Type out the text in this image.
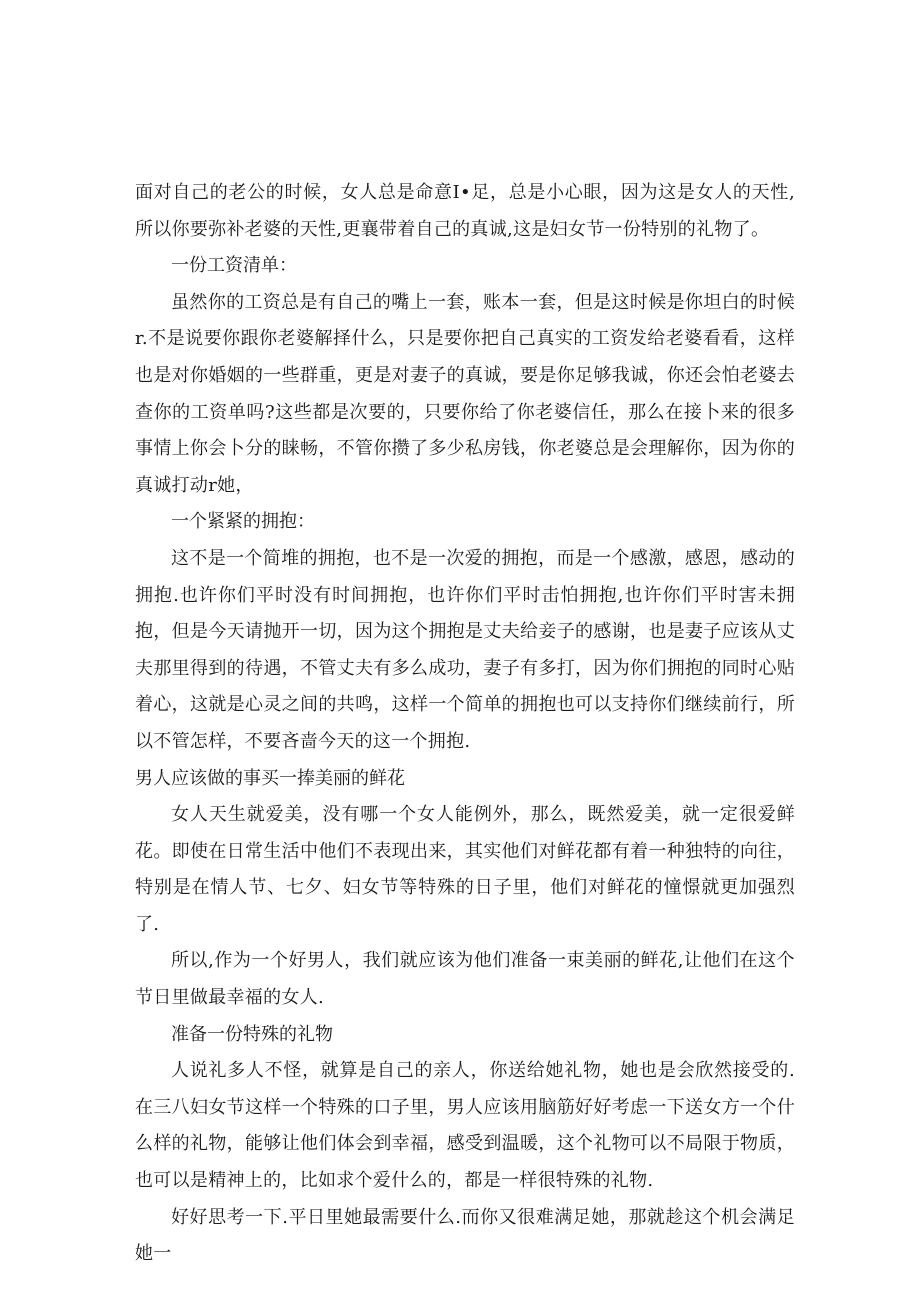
面对自己的老公的时候，女人总是命意I•足，总是小心眼，因为这是女人的天性,所以你要弥补老婆的天性,更襄带着自己的真诚,这是妇女节一份特别的礼物了。

一份工资清单：

虽然你的工资总是有自己的嘴上一套，账本一套，但是这时候是你坦白的时候r.不是说要你跟你老婆解择什么，只是要你把自己真实的工资发给老婆看看，这样也是对你婚姻的一些群重，更是对妻子的真诚，要是你足够我诚，你还会怕老婆去查你的工资单吗?这些都是次要的，只要你给了你老婆信任，那么在接卜来的很多事情上你会卜分的睐畅，不管你攒了多少私房钱，你老婆总是会理解你，因为你的真诚打动r她，

一个紧紧的拥抱：

这不是一个简堆的拥抱，也不是一次爱的拥抱，而是一个感激，感恩，感动的拥抱.也许你们平时没有时间拥抱，也许你们平时击怕拥抱,也许你们平时害未拥抱，但是今天请抛开一切，因为这个拥抱是丈夫给妾子的感谢，也是妻子应该从丈夫那里得到的待遇，不管丈夫有多么成功，妻子有多打，因为你们拥抱的同时心贴着心，这就是心灵之间的共鸣，这样一个简单的拥抱也可以支持你们继续前行，所以不管怎样，不要吝啬今天的这一个拥抱.

男人应该做的事买一捧美丽的鲜花

女人天生就爱美，没有哪一个女人能例外，那么，既然爱美，就一定很爱鲜花。即使在日常生活中他们不表现出来，其实他们对鲜花都有着一种独特的向往，特别是在情人节、七夕、妇女节等特殊的日子里，他们对鲜花的憧憬就更加强烈了.

所以,作为一个好男人，我们就应该为他们准备一束美丽的鲜花,让他们在这个节日里做最幸福的女人.

准备一份特殊的礼物

人说礼多人不怪，就算是自己的亲人，你送给她礼物，她也是会欣然接受的.在三八妇女节这样一个特殊的口子里，男人应该用脑筋好好考虑一下送女方一个什么样的礼物，能够让他们体会到幸福，感受到温暖，这个礼物可以不局限于物质，也可以是精神上的，比如求个爱什么的，都是一样很特殊的礼物.

好好思考一下.平日里她最需要什么.而你又很难满足她，那就趁这个机会满足她一
